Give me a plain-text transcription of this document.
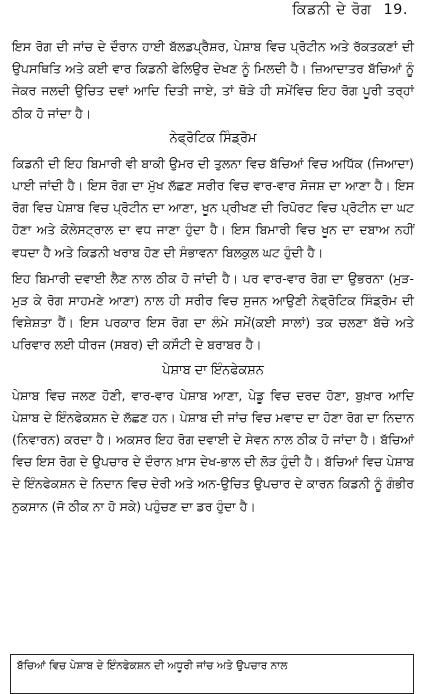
ਕਿਡਨੀ ਦੇ ਰੋਗ 19.

ਇਸ ਰੋਗ ਦੀ ਜਾਂਚ ਦੇ ਦੌਰਾਨ ਹਾਈ ਬੱਲਡਪ੍ਰੈਸ਼ਰ, ਪੇਸ਼ਾਬ ਵਿਚ ਪ੍ਰੋਟੀਨ ਅਤੇ ਰੱਕਤਕਣਾਂ ਦੀ ਉਪਸਥਿਤਿ ਅਤੇ ਕਈ ਵਾਰ ਕਿਡਨੀ ਫੇਲਿਉਰ ਦੇਖਣ ਨੂੰ ਮਿਲਦੀ ਹੈ। ਜ਼ਿਆਦਾਤਰ ਬੱਚਿਆਂ ਨੂੰ ਜੇਕਰ ਜਲਦੀ ਉਚਿਤ ਦਵਾਂ ਆਦਿ ਦਿਤੀ ਜਾਏ, ਤਾਂ ਥੋੜੇ ਹੀ ਸਮੇਂਵਿਚ ਇਹ ਰੋਗ ਪੂਰੀ ਤਰ੍ਹਾਂ ਠੀਕ ਹੋ ਜਾਂਦਾ ਹੈ।

ਨੇਫ੍ਰੋਟਿਕ ਸਿੰਡ੍ਰੋਮ

ਕਿਡਨੀ ਦੀ ਇਹ ਬਿਮਾਰੀ ਵੀ ਬਾਕੀ ਉਮਰ ਦੀ ਤੁਲਨਾ ਵਿਚ ਬੱਚਿਆਂ ਵਿਚ ਅਧਿੱਕ (ਜਿਆਦਾ) ਪਾਈ ਜਾਂਦੀ ਹੈ। ਇਸ ਰੋਗ ਦਾ ਮੁੱਖ ਲੱਛਣ ਸਰੀਰ ਵਿਚ ਵਾਰ-ਵਾਰ ਸੋਜਸ਼ ਦਾ ਆਣਾ ਹੈ। ਇਸ ਰੋਗ ਵਿਚ ਪੇਸ਼ਾਬ ਵਿਚ ਪ੍ਰੋਟੀਨ ਦਾ ਆਣਾ, ਖੂਨ ਪ੍ਰੀਖਣ ਦੀ ਰਿਪੋਰਟ ਵਿਚ ਪ੍ਰੋਟੀਨ ਦਾ ਘਟ ਹੋਣਾ ਅਤੇ ਕੋਲੇਸਟ੍ਰਾਲ ਦਾ ਵਧ ਜਾਣਾ ਹੁੰਦਾ ਹੈ। ਇਸ ਬਿਮਾਰੀ ਵਿਚ ਖੂਨ ਦਾ ਦਬਾਅ ਨਹੀਂ ਵਧਦਾ ਹੈ ਅਤੇ ਕਿਡਨੀ ਖਰਾਬ ਹੋਣ ਦੀ ਸੰਭਾਵਨਾ ਬਿਲਕੁਲ ਘਟ ਹੁੰਦੀ ਹੈ।

ਇਹ ਬਿਮਾਰੀ ਦਵਾਈ ਲੈਣ ਨਾਲ ਠੀਕ ਹੋ ਜਾਂਦੀ ਹੈ। ਪਰ ਵਾਰ-ਵਾਰ ਰੋਗ ਦਾ ਉਭਰਨਾ (ਮੁੜ-ਮੁੜ ਕੇ ਰੋਗ ਸਾਹਮਣੇ ਆਣਾ) ਨਾਲ ਹੀ ਸਰੀਰ ਵਿਚ ਸੁਜਨ ਆਉਣੀ ਨੇਫ੍ਰੋਟਿਕ ਸਿੰਡ੍ਰੋਮ ਦੀ ਵਿਸ਼ੇਸ਼ਤਾ ਹੈਂ। ਇਸ ਪਰਕਾਰ ਇਸ ਰੋਗ ਦਾ ਲੰਮੇ ਸਮੇਂ(ਕਈ ਸਾਲਾਂ) ਤਕ ਚਲਣਾ ਬੱਚੇ ਅਤੇ ਪਰਿਵਾਰ ਲਈ ਧੀਰਜ (ਸਬਰ) ਦੀ ਕਸੌਟੀ ਦੇ ਬਰਾਬਰ ਹੈ।

ਪੇਸ਼ਾਬ ਦਾ ਇੰਨਫੇਕਸ਼ਨ

ਪੇਸ਼ਾਬ ਵਿਚ ਜਲਣ ਹੋਣੀ, ਵਾਰ-ਵਾਰ ਪੇਸ਼ਾਬ ਆਣਾ, ਪੇਡੂ ਵਿਚ ਦਰਦ ਹੋਣਾ, ਬੁਖ਼ਾਰ ਆਦਿ ਪੇਸ਼ਾਬ ਦੇ ਇੰਨਫੇਕਸ਼ਨ ਦੇ ਲੱਛਣ ਹਨ। ਪੇਸ਼ਾਬ ਦੀ ਜਾਂਚ ਵਿਚ ਮਵਾਦ ਦਾ ਹੋਣਾ ਰੋਗ ਦਾ ਨਿਦਾਨ (ਨਿਵਾਰਨ) ਕਰਦਾ ਹੈ। ਅਕਸਰ ਇਹ ਰੋਗ ਦਵਾਈ ਦੇ ਸੇਵਨ ਨਾਲ ਠੀਕ ਹੋ ਜਾਂਦਾ ਹੈ। ਬੱਚਿਆਂ ਵਿਚ ਇਸ ਰੋਗ ਦੇ ਉਪਚਾਰ ਦੇ ਦੌਰਾਨ ਖ਼ਾਸ ਦੇਖ-ਭਾਲ ਦੀ ਲੋੜ ਹੁੰਦੀ ਹੈ। ਬੱਚਿਆਂ ਵਿਚ ਪੇਸ਼ਾਬ ਦੇ ਇੰਨਫੇਕਸ਼ਨ ਦੇ ਨਿਦਾਨ ਵਿਚ ਦੇਰੀ ਅਤੇ ਅਨ-ਉਚਿਤ ਉਪਚਾਰ ਦੇ ਕਾਰਨ ਕਿਡਨੀ ਨੂੰ ਗੰਭੀਰ ਨੁਕਸਾਨ (ਜੋ ਠੀਕ ਨਾ ਹੋ ਸਕੇ) ਪਹੁੰਚਣ ਦਾ ਡਰ ਹੁੰਦਾ ਹੈ।

ਬੱਚਿਆਂ ਵਿਚ ਪੇਸ਼ਾਬ ਦੇ ਇੰਨਫੇਕਸ਼ਨ ਦੀ ਅਧੂਰੀ ਜਾਂਚ ਅਤੇ ਉਪਚਾਰ ਨਾਲ
